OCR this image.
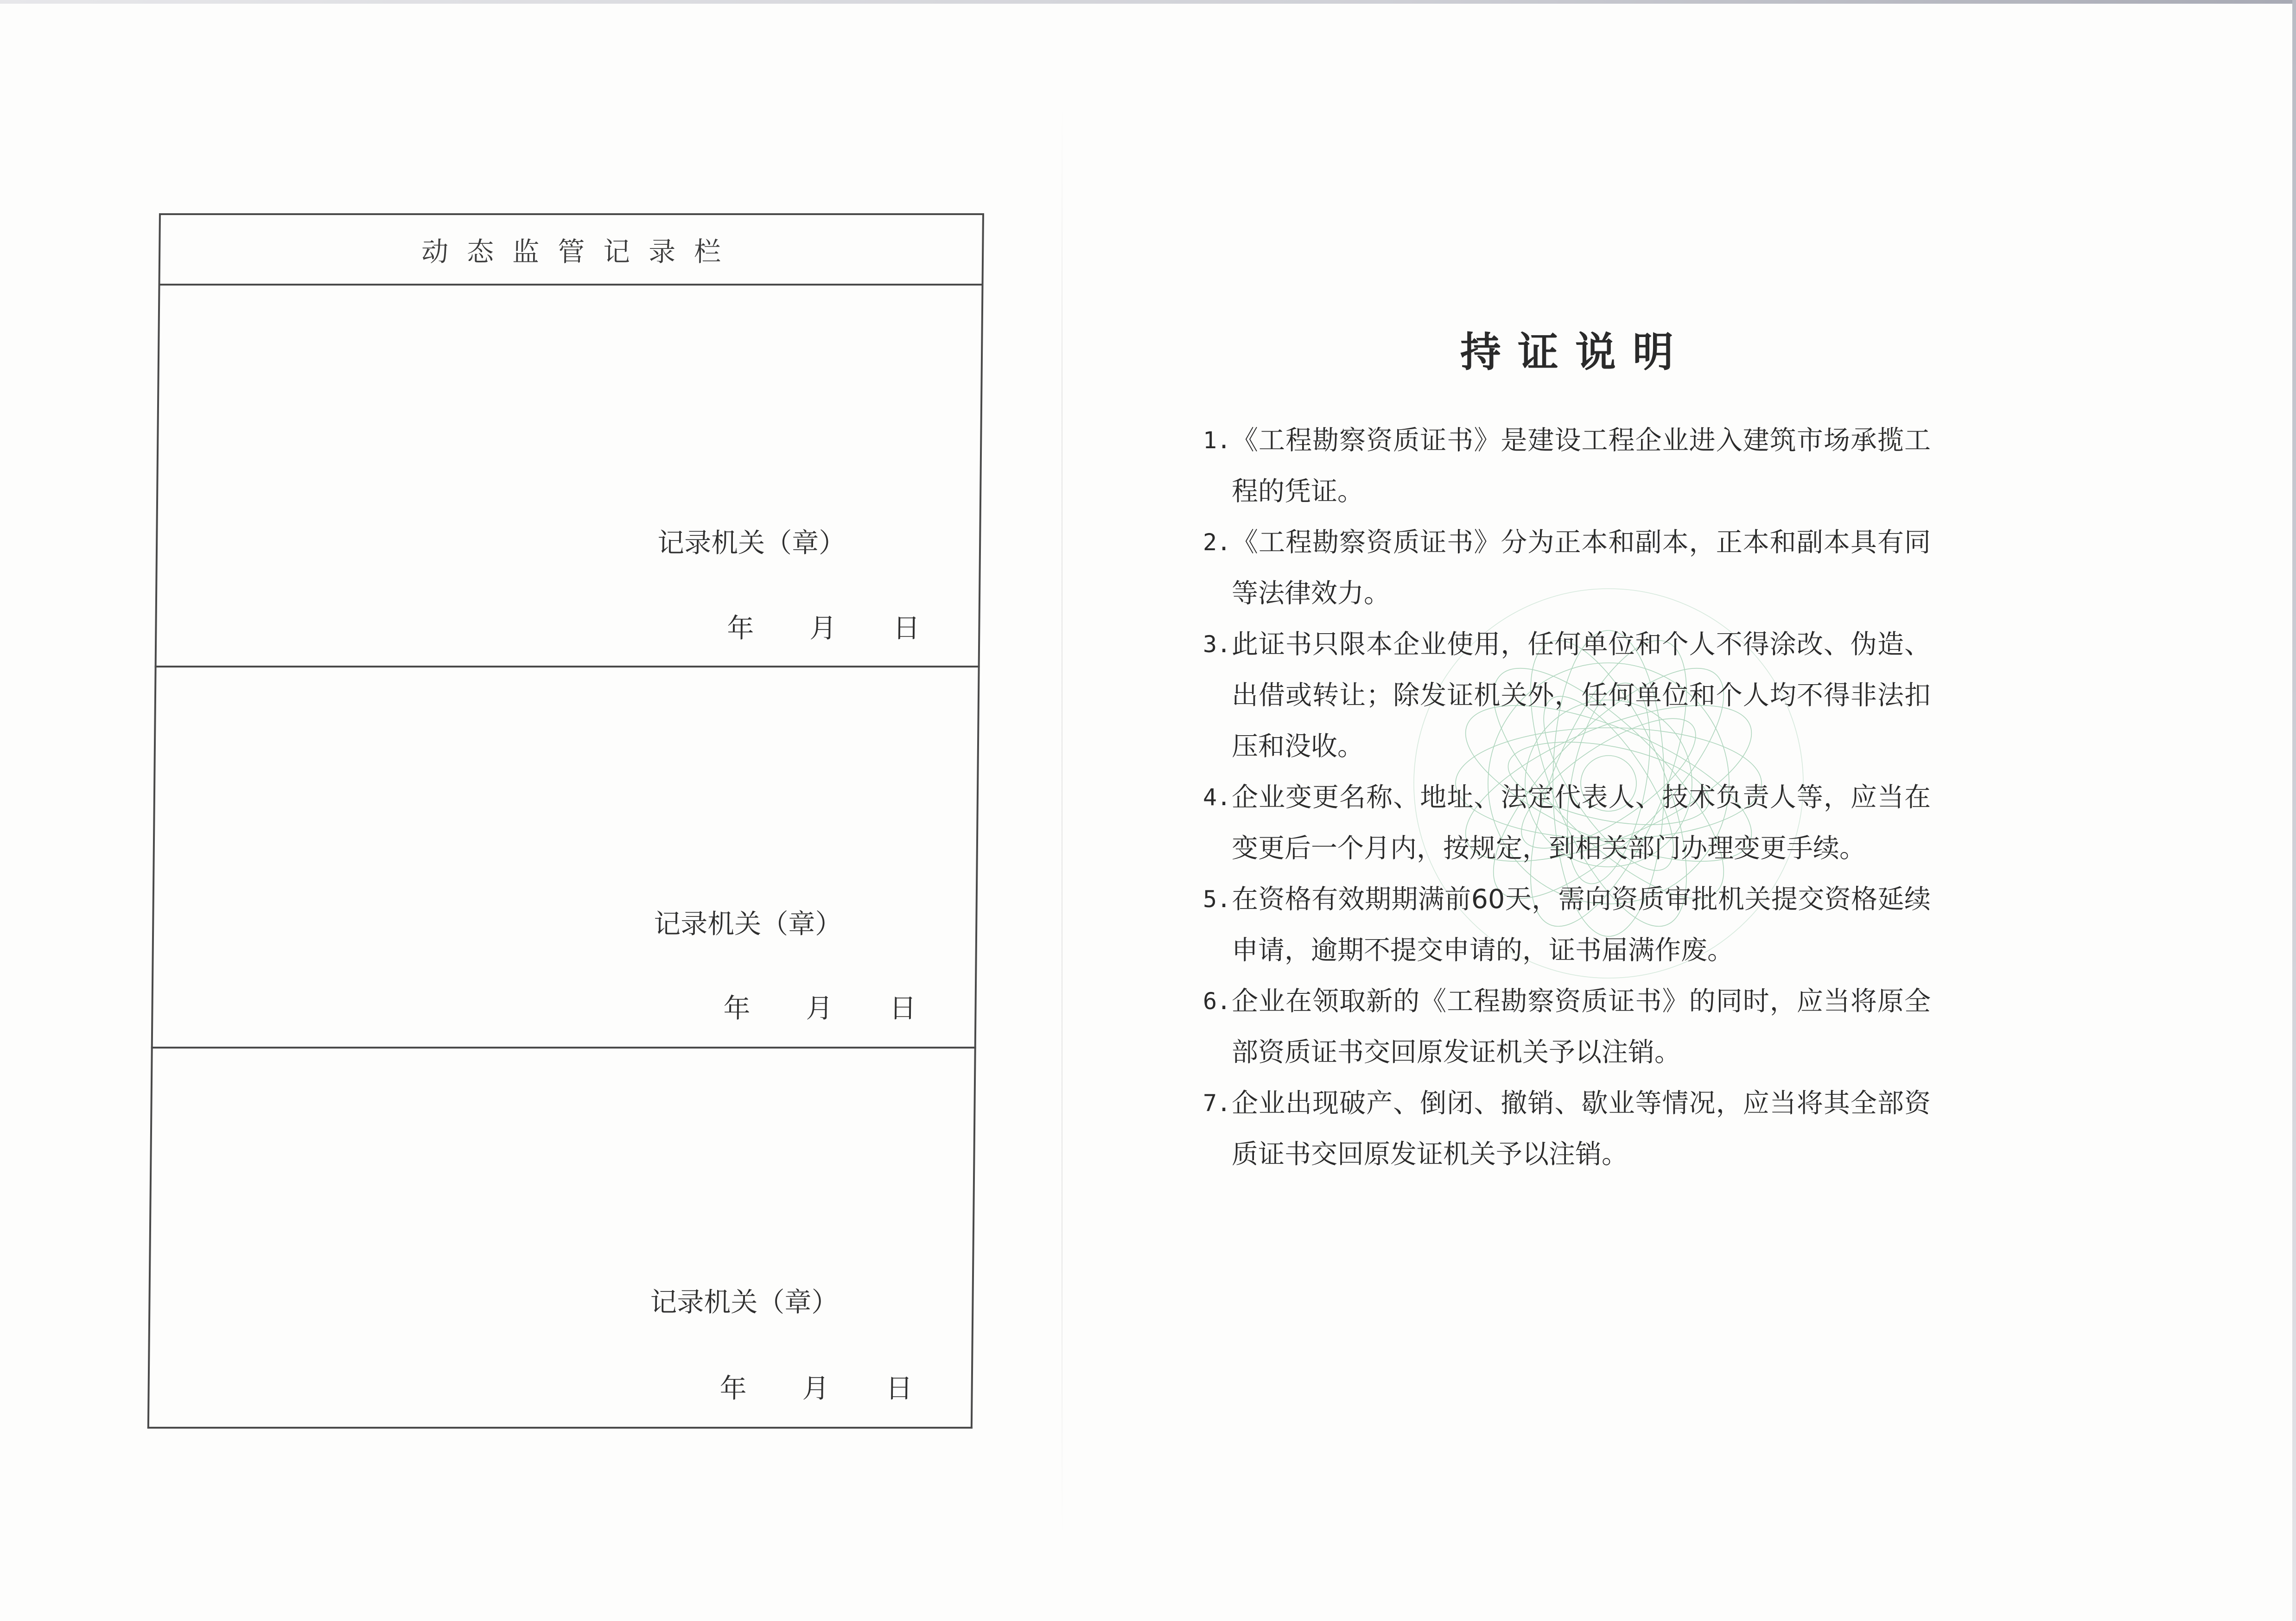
动态监管记录栏
记录机关（章）
年 月 日
记录机关（章）
年 月 日
记录机关（章）
年 月 日
持证说明
1. 《工程勘察资质证书》是建设工程企业进入建筑市场承揽工程的凭证。
2. 《工程勘察资质证书》分为正本和副本，正本和副本具有同等法律效力。
3. 此证书只限本企业使用，任何单位和个人不得涂改、伪造、出借或转让；除发证机关外，任何单位和个人均不得非法扣压和没收。
4. 企业变更名称、地址、法定代表人、技术负责人等，应当在变更后一个月内，按规定，到相关部门办理变更手续。
5. 在资格有效期期满前60天，需向资质审批机关提交资格延续申请，逾期不提交申请的，证书届满作废。
6. 企业在领取新的《工程勘察资质证书》的同时，应当将原全部资质证书交回原发证机关予以注销。
7. 企业出现破产、倒闭、撤销、歇业等情况，应当将其全部资质证书交回原发证机关予以注销。
